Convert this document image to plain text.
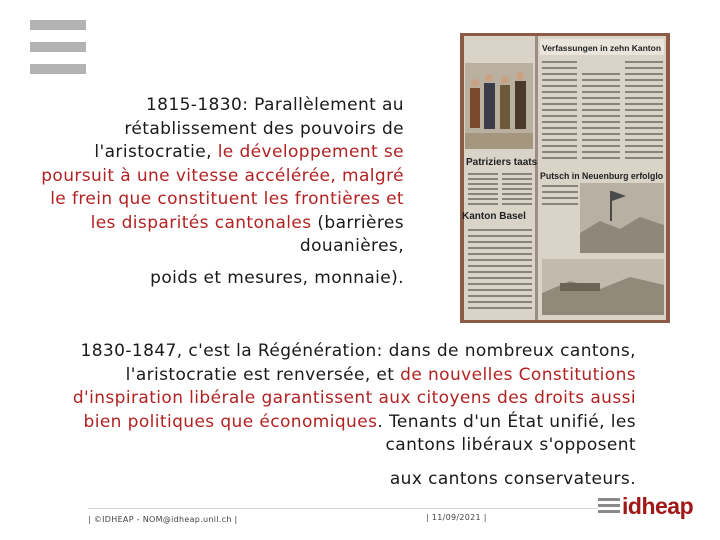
1815-1830: Parallèlement au rétablissement des pouvoirs de l'aristocratie, le développement se poursuit à une vitesse accélérée, malgré le frein que constituent les frontières et les disparités cantonales (barrières douanières,
poids et mesures, monnaie).
Verfassungen in zehn Kanton
Patriziers taats
Putsch in Neuenburg erfolglo
Kanton Basel
1830-1847, c'est la Régénération: dans de nombreux cantons, l'aristocratie est renversée, et de nouvelles Constitutions d'inspiration libérale garantissent aux citoyens des droits aussi bien politiques que économiques. Tenants d'un État unifié, les cantons libéraux s'opposent
aux cantons conservateurs.
| ©IDHEAP - NOM@idheap.unil.ch |	| 11/09/2021 |	idheap
